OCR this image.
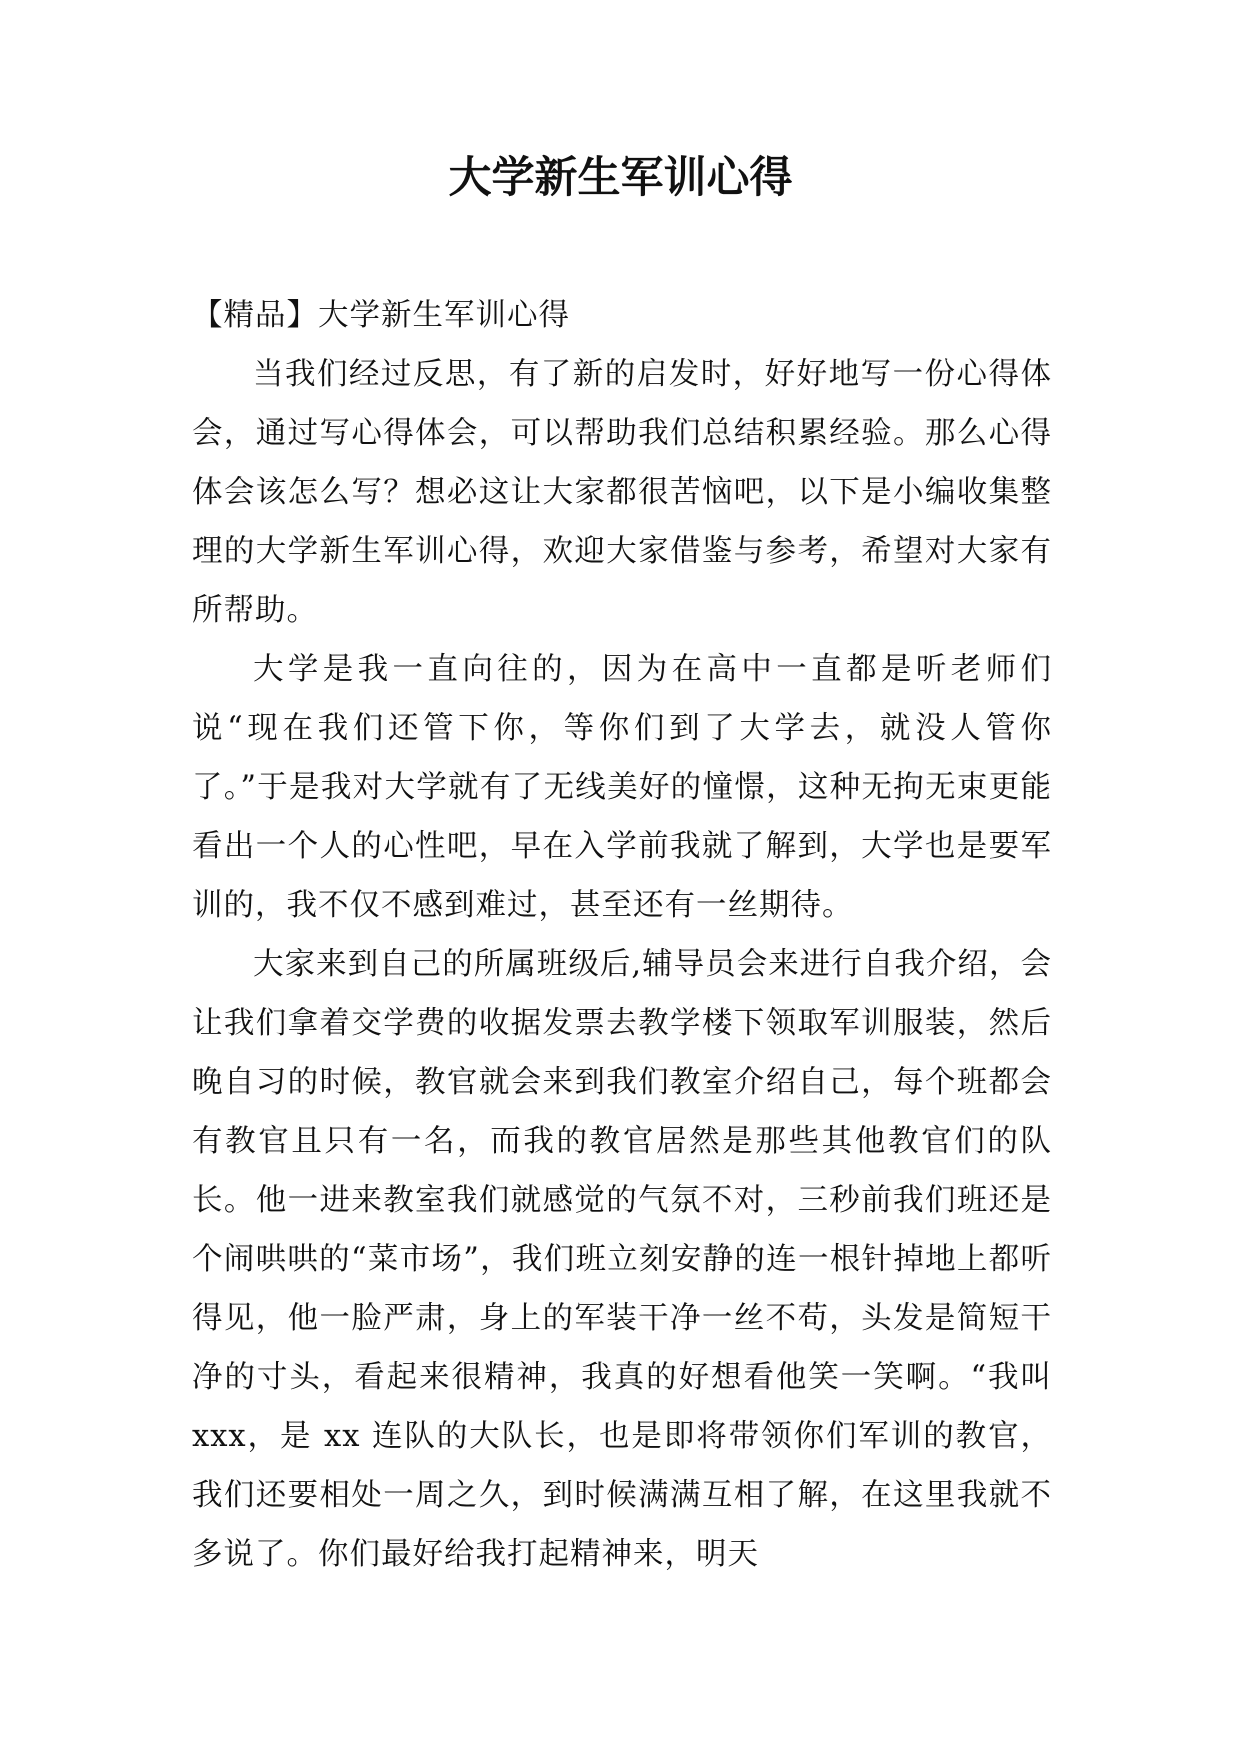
大学新生军训心得

【精品】大学新生军训心得

当我们经过反思，有了新的启发时，好好地写一份心得体会，通过写心得体会，可以帮助我们总结积累经验。那么心得体会该怎么写？想必这让大家都很苦恼吧，以下是小编收集整理的大学新生军训心得，欢迎大家借鉴与参考，希望对大家有所帮助。

大学是我一直向往的，因为在高中一直都是听老师们说“现在我们还管下你，等你们到了大学去，就没人管你了。”于是我对大学就有了无线美好的憧憬，这种无拘无束更能看出一个人的心性吧，早在入学前我就了解到，大学也是要军训的，我不仅不感到难过，甚至还有一丝期待。

大家来到自己的所属班级后,辅导员会来进行自我介绍，会让我们拿着交学费的收据发票去教学楼下领取军训服装，然后晚自习的时候，教官就会来到我们教室介绍自己，每个班都会有教官且只有一名，而我的教官居然是那些其他教官们的队长。他一进来教室我们就感觉的气氛不对，三秒前我们班还是个闹哄哄的“菜市场”，我们班立刻安静的连一根针掉地上都听得见，他一脸严肃，身上的军装干净一丝不苟，头发是简短干净的寸头，看起来很精神，我真的好想看他笑一笑啊。“我叫 xxx，是 xx 连队的大队长，也是即将带领你们军训的教官，我们还要相处一周之久，到时候满满互相了解，在这里我就不多说了。你们最好给我打起精神来，明天
